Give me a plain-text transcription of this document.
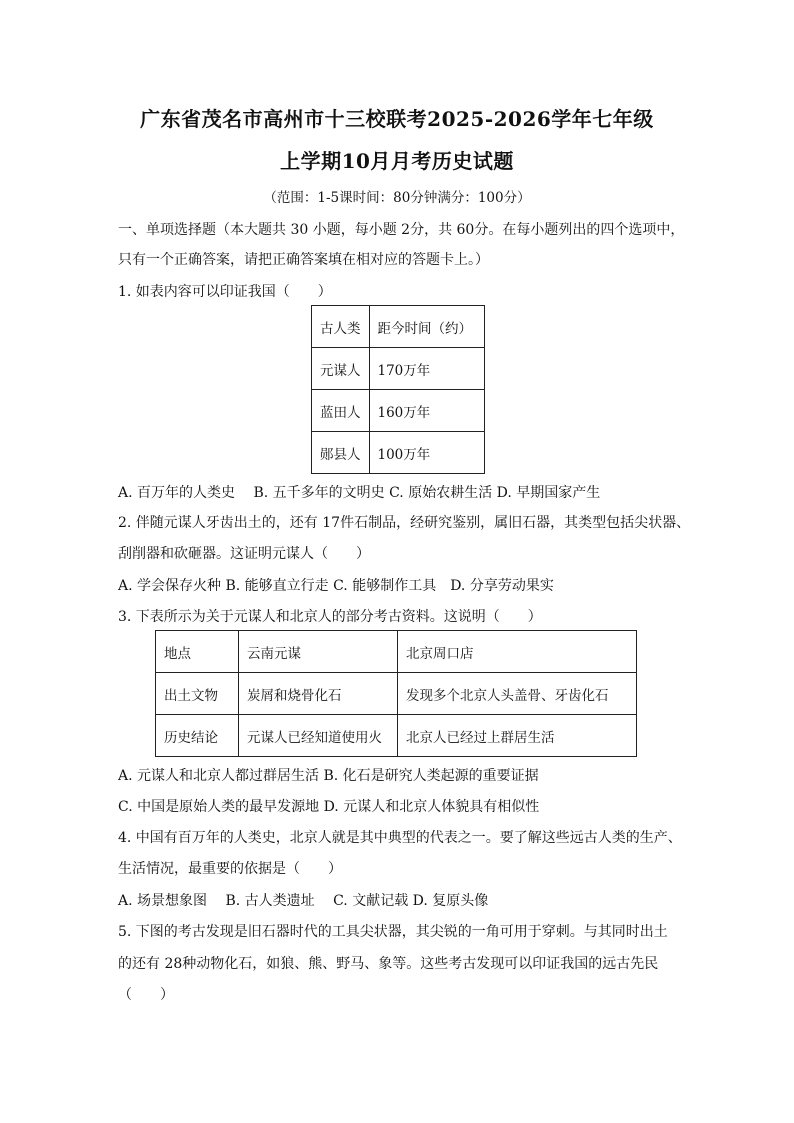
广东省茂名市高州市十三校联考2025-2026学年七年级
上学期10月月考历史试题
（范围：1-5课时间：80分钟满分：100分）
一、单项选择题（本大题共 30 小题，每小题 2分，共 60分。在每小题列出的四个选项中，
只有一个正确答案，请把正确答案填在相对应的答题卡上。）
1. 如表内容可以印证我国（　　）
古人类	距今时间（约）
元谋人	170万年
蓝田人	160万年
郧县人	100万年
A. 百万年的人类史　 B. 五千多年的文明史 C. 原始农耕生活 D. 早期国家产生
2. 伴随元谋人牙齿出土的，还有 17件石制品，经研究鉴别，属旧石器，其类型包括尖状器、
刮削器和砍砸器。这证明元谋人（　　）
A. 学会保存火种 B. 能够直立行走 C. 能够制作工具　D. 分享劳动果实
3. 下表所示为关于元谋人和北京人的部分考古资料。这说明（　　）
地点	云南元谋	北京周口店
出土文物	炭屑和烧骨化石	发现多个北京人头盖骨、牙齿化石
历史结论	元谋人已经知道使用火	北京人已经过上群居生活
A. 元谋人和北京人都过群居生活 B. 化石是研究人类起源的重要证据
C. 中国是原始人类的最早发源地 D. 元谋人和北京人体貌具有相似性
4. 中国有百万年的人类史，北京人就是其中典型的代表之一。要了解这些远古人类的生产、
生活情况，最重要的依据是（　　）
A. 场景想象图　 B. 古人类遗址　 C. 文献记载 D. 复原头像
5. 下图的考古发现是旧石器时代的工具尖状器，其尖锐的一角可用于穿刺。与其同时出土
的还有 28种动物化石，如狼、熊、野马、象等。这些考古发现可以印证我国的远古先民
（　　）
